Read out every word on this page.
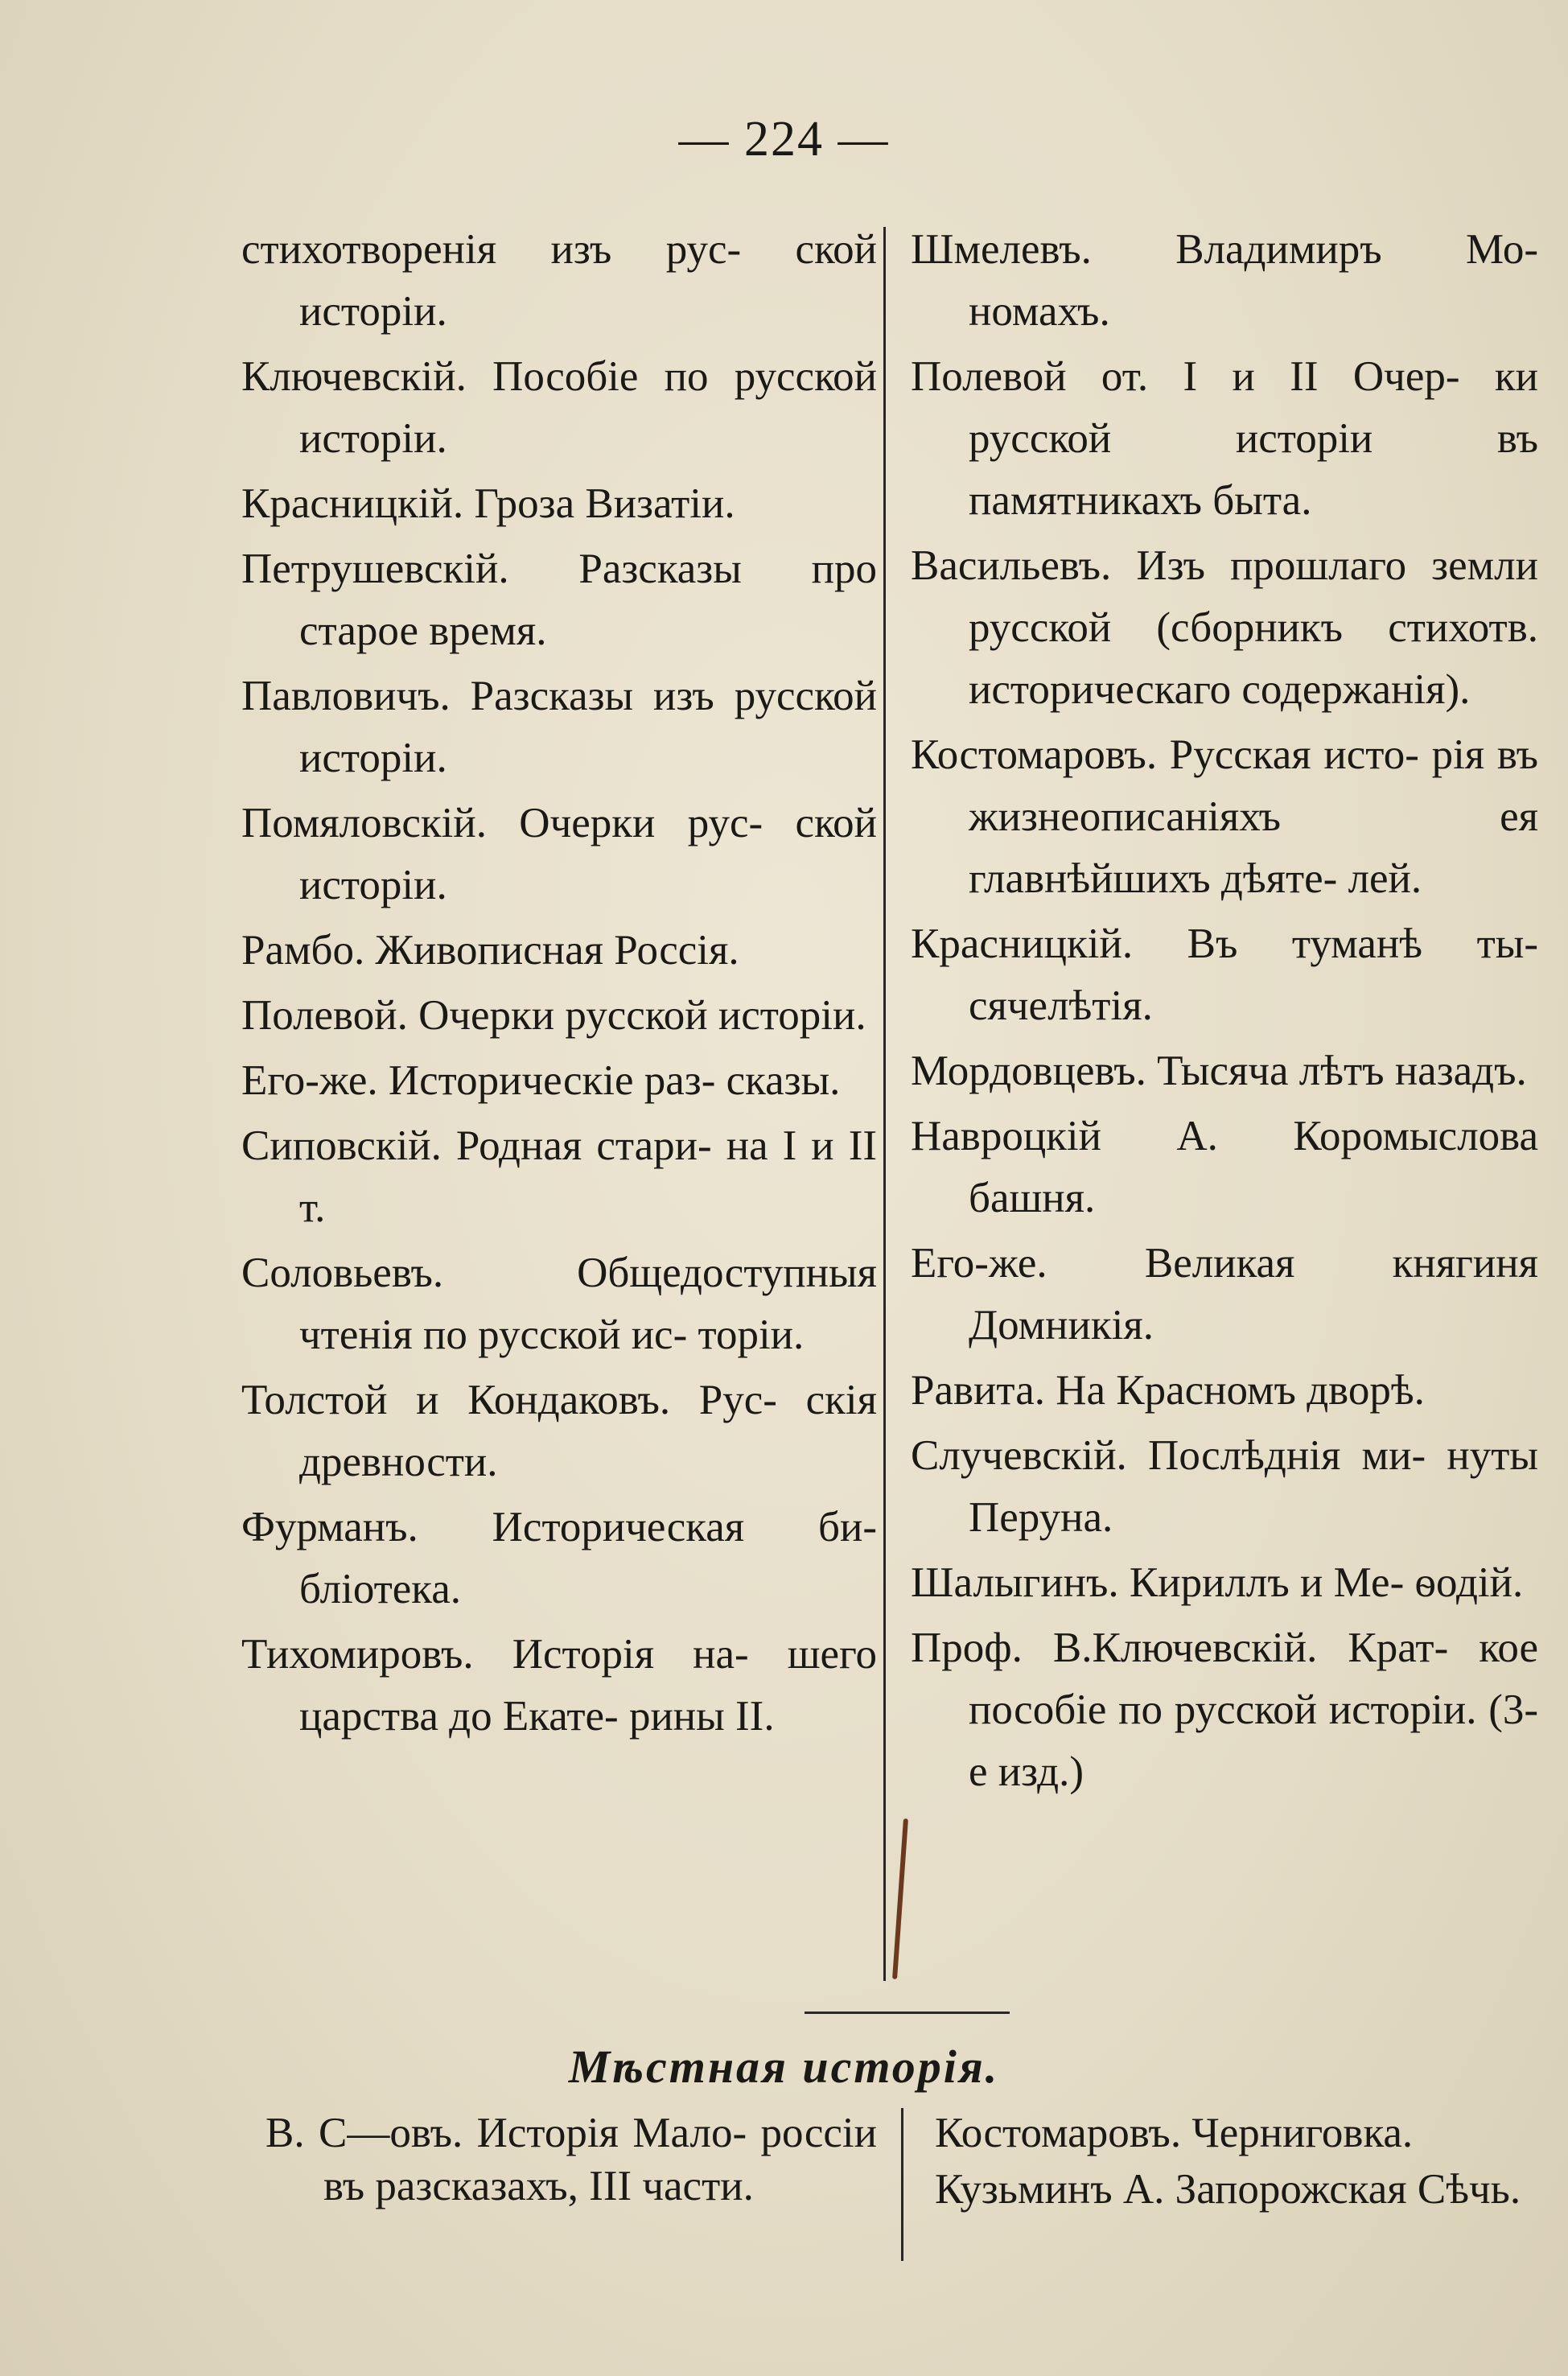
— 224 —

стихотворенія изъ рус- ской исторіи.

Ключевскій. Пособіе по русской исторіи.

Красницкій. Гроза Визатіи.

Петрушевскій. Разсказы про старое время.

Павловичъ. Разсказы изъ русской исторіи.

Помяловскій. Очерки рус- ской исторіи.

Рамбо. Живописная Россія.

Полевой. Очерки русской исторіи.

Его-же. Историческіе раз- сказы.

Сиповскій. Родная стари- на I и II т.

Соловьевъ. Общедоступныя чтенія по русской ис- торіи.

Толстой и Кондаковъ. Рус- скія древности.

Фурманъ. Историческая би- бліотека.

Тихомировъ. Исторія на- шего царства до Екате- рины II.

Шмелевъ. Владимиръ Мо- номахъ.

Полевой от. I и II Очер- ки русской исторіи въ памятникахъ быта.

Васильевъ. Изъ прошлаго земли русской (сборникъ стихотв. историческаго содержанія).

Костомаровъ. Русская исто- рія въ жизнеописаніяхъ ея главнѣйшихъ дѣяте- лей.

Красницкій. Въ туманѣ ты- сячелѣтія.

Мордовцевъ. Тысяча лѣтъ назадъ.

Навроцкій А. Коромыслова башня.

Его-же. Великая княгиня Домникія.

Равита. На Красномъ дворѣ.

Случевскій. Послѣднія ми- нуты Перуна.

Шалыгинъ. Кириллъ и Ме- ѳодій.

Проф. В.Ключевскій. Крат- кое пособіе по русской исторіи. (3-е изд.)

Мѣстная исторія.

В. С—овъ. Исторія Мало- россіи въ разсказахъ, III части.

Костомаровъ. Черниговка.

Кузьминъ А. Запорожская Сѣчь.
